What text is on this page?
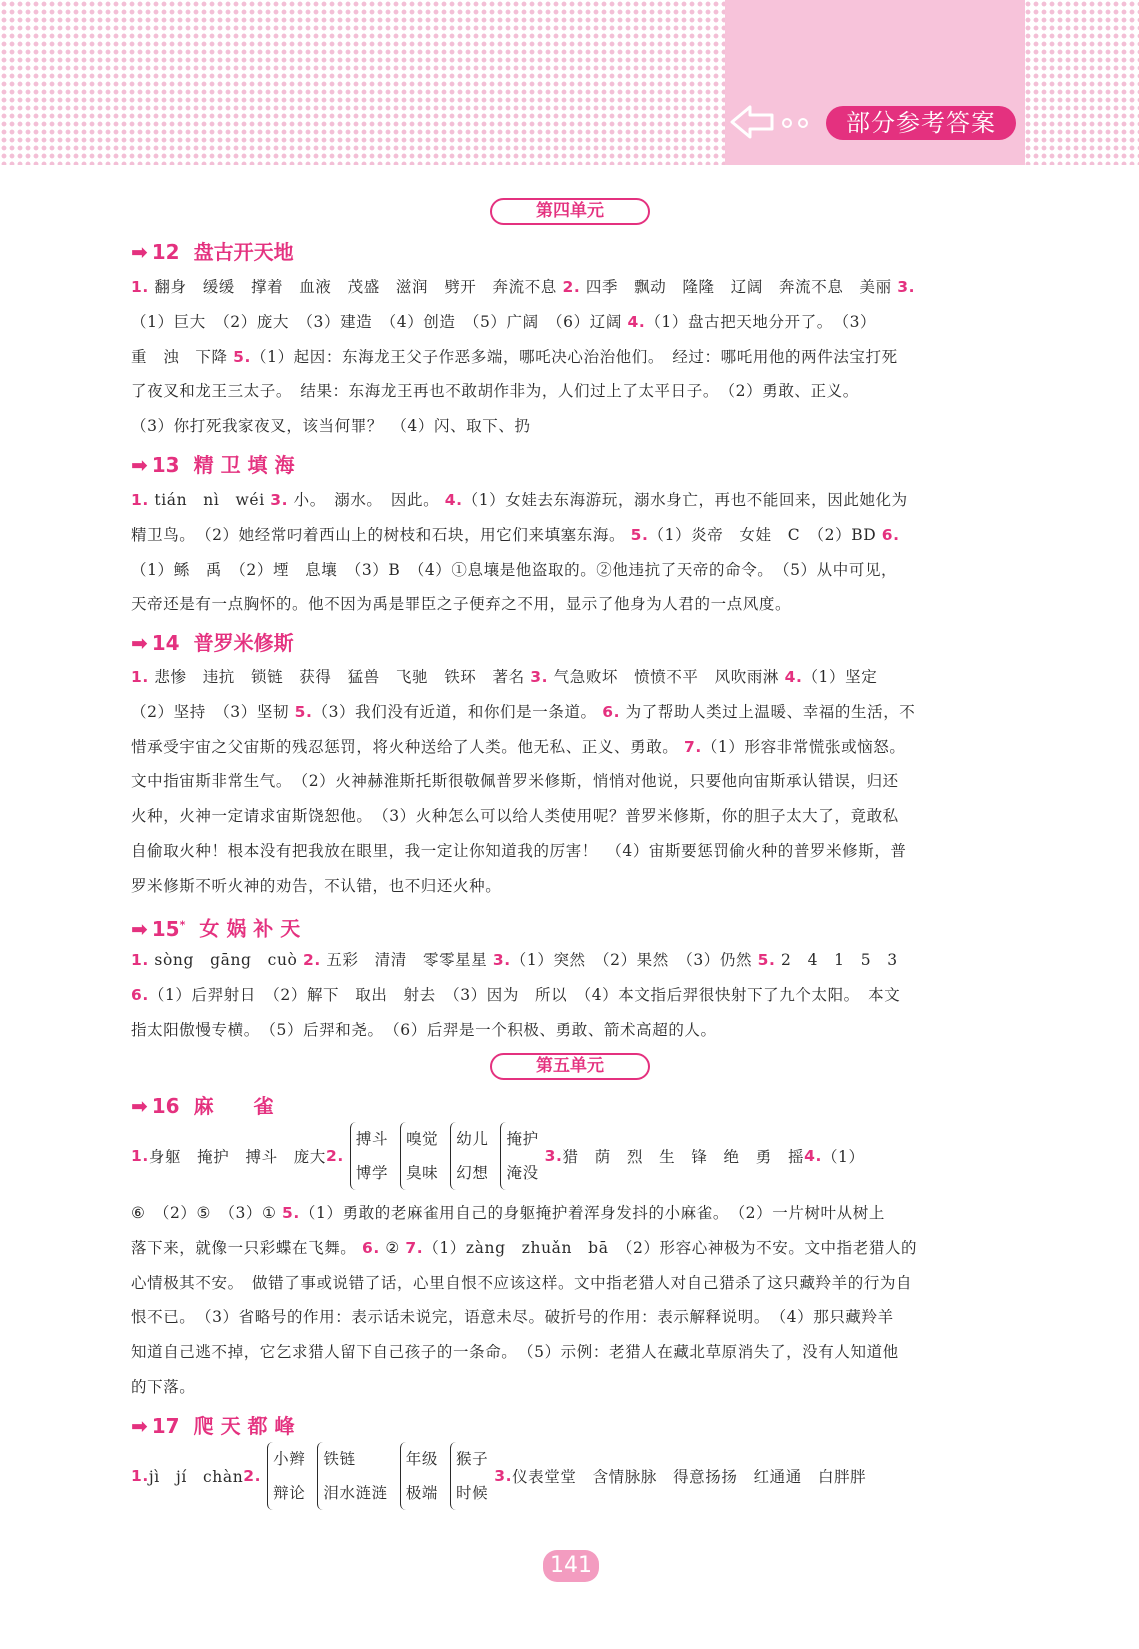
部分参考答案
第四单元
➡ 12 盘古开天地
1. 翻身　缓缓　撑着　血液　茂盛　滋润　劈开　奔流不息 2. 四季　飘动　隆隆　辽阔　奔流不息　美丽 3.
（1）巨大　（2）庞大　（3）建造　（4）创造　（5）广阔　（6）辽阔 4.（1）盘古把天地分开了。　（3）
重　浊　下降 5.（1）起因：东海龙王父子作恶多端，哪吒决心治治他们。　经过：哪吒用他的两件法宝打死
了夜叉和龙王三太子。　结果：东海龙王再也不敢胡作非为，人们过上了太平日子。　（2）勇敢、正义。
（3）你打死我家夜叉，该当何罪？　（4）闪、取下、扔
➡ 13 精 卫 填 海
1. tián　nì　wéi 3. 小。　溺水。　因此。 4.（1）女娃去东海游玩，溺水身亡，再也不能回来，因此她化为
精卫鸟。　（2）她经常叼着西山上的树枝和石块，用它们来填塞东海。 5.（1）炎帝　女娃　C　（2）BD 6.
（1）鲧　禹　（2）堙　息壤　（3）B　（4）①息壤是他盗取的。②他违抗了天帝的命令。　（5）从中可见，
天帝还是有一点胸怀的。他不因为禹是罪臣之子便弃之不用，显示了他身为人君的一点风度。
➡ 14 普罗米修斯
1. 悲惨　违抗　锁链　获得　猛兽　飞驰　铁环　著名 3. 气急败坏　愤愤不平　风吹雨淋 4.（1）坚定
（2）坚持　（3）坚韧 5.（3）我们没有近道，和你们是一条道。 6. 为了帮助人类过上温暖、幸福的生活，不
惜承受宇宙之父宙斯的残忍惩罚，将火种送给了人类。他无私、正义、勇敢。 7.（1）形容非常慌张或恼怒。
文中指宙斯非常生气。　（2）火神赫淮斯托斯很敬佩普罗米修斯，悄悄对他说，只要他向宙斯承认错误，归还
火种，火神一定请求宙斯饶恕他。　（3）火种怎么可以给人类使用呢？普罗米修斯，你的胆子太大了，竟敢私
自偷取火种！根本没有把我放在眼里，我一定让你知道我的厉害！　（4）宙斯要惩罚偷火种的普罗米修斯，普
罗米修斯不听火神的劝告，不认错，也不归还火种。
➡ 15* 女 娲 补 天
1. sòng　gāng　cuò 2. 五彩　清清　零零星星 3.（1）突然　（2）果然　（3）仍然 5. 2　4　1　5　3
6.（1）后羿射日　（2）解下　取出　射去　（3）因为　所以　（4）本文指后羿很快射下了九个太阳。　本文
指太阳傲慢专横。　（5）后羿和尧。　（6）后羿是一个积极、勇敢、箭术高超的人。
第五单元
➡ 16 麻　　雀
1. 身躯　掩护　搏斗　庞大 2.
搏斗
博学
嗅觉
臭味
幼儿
幻想
掩护
淹没
3. 猎　荫　烈　生　锋　绝　勇　摇 4. （1）
⑥　（2）⑤　（3）① 5.（1）勇敢的老麻雀用自己的身躯掩护着浑身发抖的小麻雀。　（2）一片树叶从树上
落下来，就像一只彩蝶在飞舞。 6. ② 7.（1）zàng　zhuǎn　bā　（2）形容心神极为不安。文中指老猎人的
心情极其不安。　做错了事或说错了话，心里自恨不应该这样。文中指老猎人对自己猎杀了这只藏羚羊的行为自
恨不已。　（3）省略号的作用：表示话未说完，语意未尽。破折号的作用：表示解释说明。　（4）那只藏羚羊
知道自己逃不掉，它乞求猎人留下自己孩子的一条命。　（5）示例：老猎人在藏北草原消失了，没有人知道他
的下落。
➡ 17 爬 天 都 峰
1. jì　jí　chàn 2.
小辫
辩论
铁链
泪水涟涟
年级
极端
猴子
时候
3. 仪表堂堂　含情脉脉　得意扬扬　红通通　白胖胖
141
